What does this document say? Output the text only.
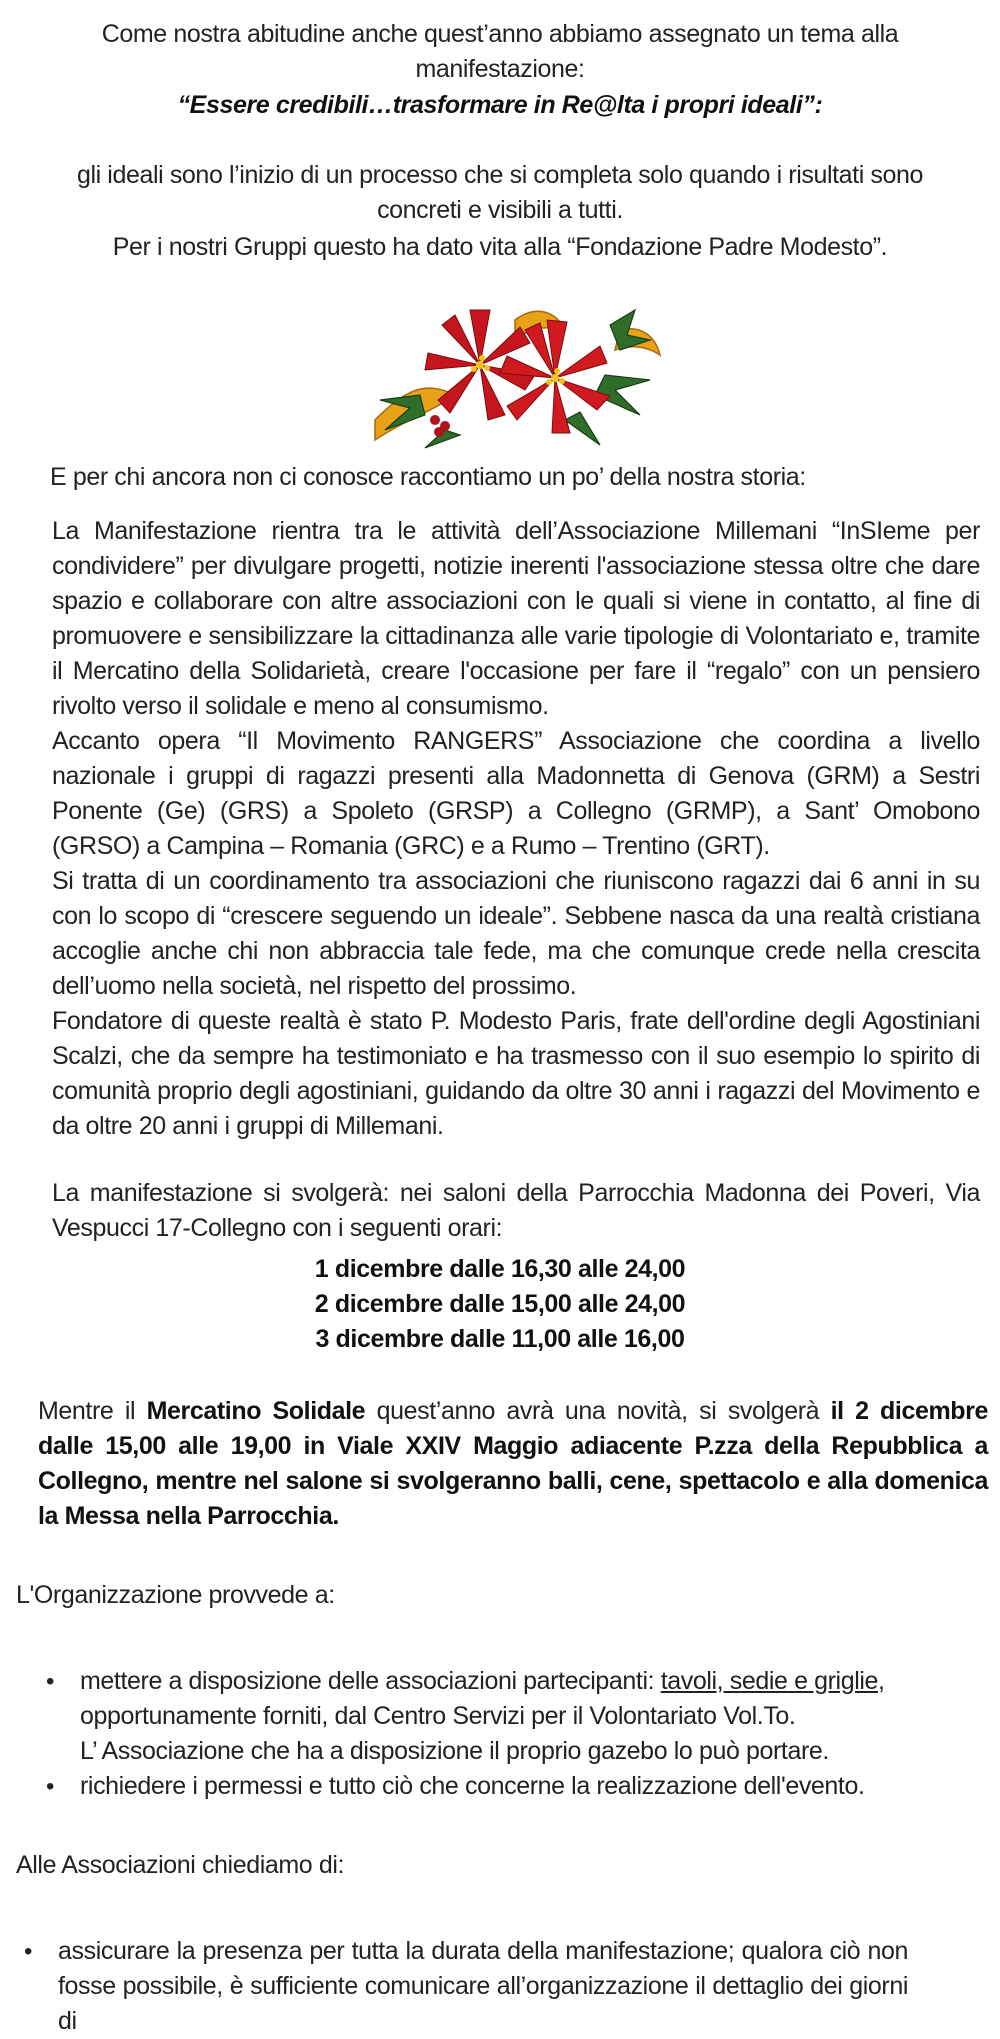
Come nostra abitudine anche quest’anno abbiamo assegnato un tema alla manifestazione:
“Essere credibili…trasformare in Re@lta i propri ideali”:
gli ideali sono l’inizio di un processo che si completa solo quando i risultati sono concreti e visibili a tutti.
Per i nostri Gruppi questo ha dato vita alla “Fondazione Padre Modesto”.
E per chi ancora non ci conosce raccontiamo un po’ della nostra storia:
La Manifestazione rientra tra le attività dell’Associazione Millemani “InSIeme per condividere” per divulgare progetti, notizie inerenti l'associazione stessa oltre che dare spazio e collaborare con altre associazioni con le quali si viene in contatto, al fine di promuovere e sensibilizzare la cittadinanza alle varie tipologie di Volontariato e, tramite il Mercatino della Solidarietà, creare l'occasione per fare il “regalo” con un pensiero rivolto verso il solidale e meno al consumismo.
Accanto opera “Il Movimento RANGERS” Associazione che coordina a livello nazionale i gruppi di ragazzi presenti alla Madonnetta di Genova (GRM) a Sestri Ponente (Ge) (GRS) a Spoleto (GRSP) a Collegno (GRMP), a Sant’ Omobono (GRSO) a Campina – Romania (GRC) e a Rumo – Trentino (GRT).
Si tratta di un coordinamento tra associazioni che riuniscono ragazzi dai 6 anni in su con lo scopo di “crescere seguendo un ideale”. Sebbene nasca da una realtà cristiana accoglie anche chi non abbraccia tale fede, ma che comunque crede nella crescita dell’uomo nella società, nel rispetto del prossimo.
Fondatore di queste realtà è stato P. Modesto Paris, frate dell'ordine degli Agostiniani Scalzi, che da sempre ha testimoniato e ha trasmesso con il suo esempio lo spirito di comunità proprio degli agostiniani, guidando da oltre 30 anni i ragazzi del Movimento e da oltre 20 anni i gruppi di Millemani.
La manifestazione si svolgerà: nei saloni della Parrocchia Madonna dei Poveri, Via Vespucci 17-Collegno con i seguenti orari:
1 dicembre dalle 16,30 alle 24,00
2 dicembre dalle 15,00 alle 24,00
3 dicembre dalle 11,00 alle 16,00
Mentre il Mercatino Solidale quest’anno avrà una novità, si svolgerà il 2 dicembre dalle 15,00 alle 19,00 in Viale XXIV Maggio adiacente P.zza della Repubblica a Collegno, mentre nel salone si svolgeranno balli, cene, spettacolo e alla domenica la Messa nella Parrocchia.
L'Organizzazione provvede a:
• mettere a disposizione delle associazioni partecipanti: tavoli, sedie e griglie,
opportunamente forniti, dal Centro Servizi per il Volontariato Vol.To.
L’ Associazione che ha a disposizione il proprio gazebo lo può portare.
• richiedere i permessi e tutto ciò che concerne la realizzazione dell'evento.
Alle Associazioni chiediamo di:
• assicurare la presenza per tutta la durata della manifestazione; qualora ciò non fosse possibile, è sufficiente comunicare all’organizzazione il dettaglio dei giorni di
